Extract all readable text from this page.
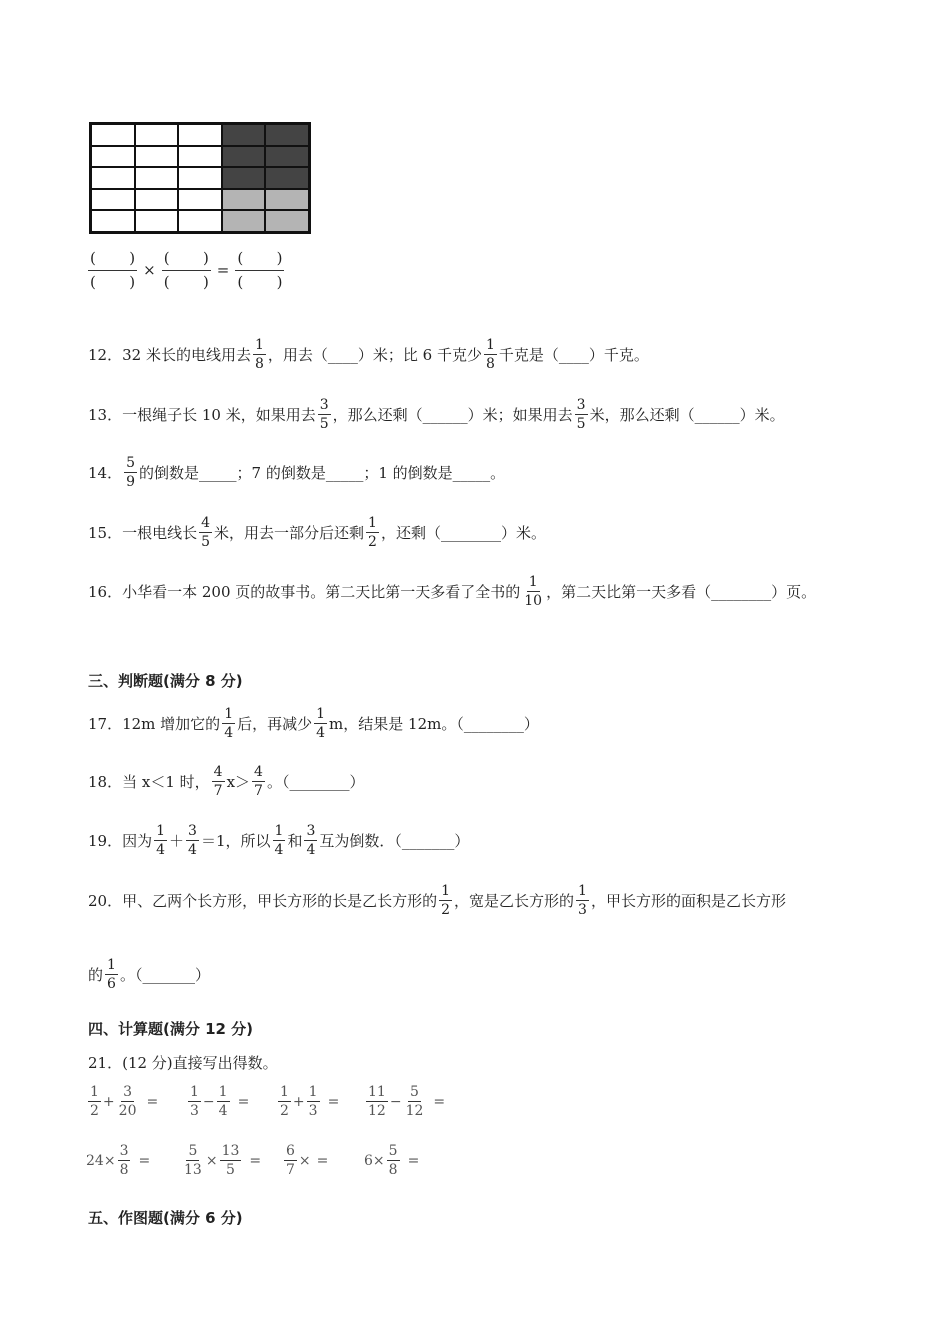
$\frac{( )}{( )} \times \frac{( )}{( )} = \frac{( )}{( )}$
12． 32 米长的电线用去 $\frac{1}{8}$ ，用去（____）米；比 6 千克少 $\frac{1}{8}$ 千克是（____）千克。
13． 一根绳子长 10 米，如果用去 $\frac{3}{5}$ ，那么还剩（______）米；如果用去 $\frac{3}{5}$ 米，那么还剩（______）米。
14． $\frac{5}{9}$ 的倒数是_____；7 的倒数是_____；1 的倒数是_____。
15． 一根电线长 $\frac{4}{5}$ 米，用去一部分后还剩 $\frac{1}{2}$ ，还剩（________）米。
16． 小华看一本 200 页的故事书。第二天比第一天多看了全书的 $\frac{1}{10}$ ，第二天比第一天多看（________）页。
三、判断题(满分 8 分)
17． 12m 增加它的 $\frac{1}{4}$ 后，再减少 $\frac{1}{4}$ m，结果是 12m。（________）
18． 当 x＜1 时， $\frac{4}{7} x> \frac{4}{7}$ 。（________）
19． 因为 $\frac{1}{4} + \frac{3}{4} =1$，所以 $\frac{1}{4}$ 和 $\frac{3}{4}$ 互为倒数．（_______）
20． 甲、乙两个长方形，甲长方形的长是乙长方形的 $\frac{1}{2}$ ，宽是乙长方形的 $\frac{1}{3}$ ，甲长方形的面积是乙长方形
的 $\frac{1}{6}$ 。（_______）
四、计算题(满分 12 分)
21． (12 分)直接写出得数。
$\frac{1}{2} + \frac{3}{20} = \frac{1}{3} - \frac{1}{4} = \frac{1}{2} + \frac{1}{3} = \frac{11}{12} - \frac{5}{12}$ =
$24 \times \frac{3}{8} = \frac{5}{13} \times \frac{13}{5} = \frac{6}{7}$ × =	$6 \times \frac{5}{8}$ =
五、作图题(满分 6 分)
